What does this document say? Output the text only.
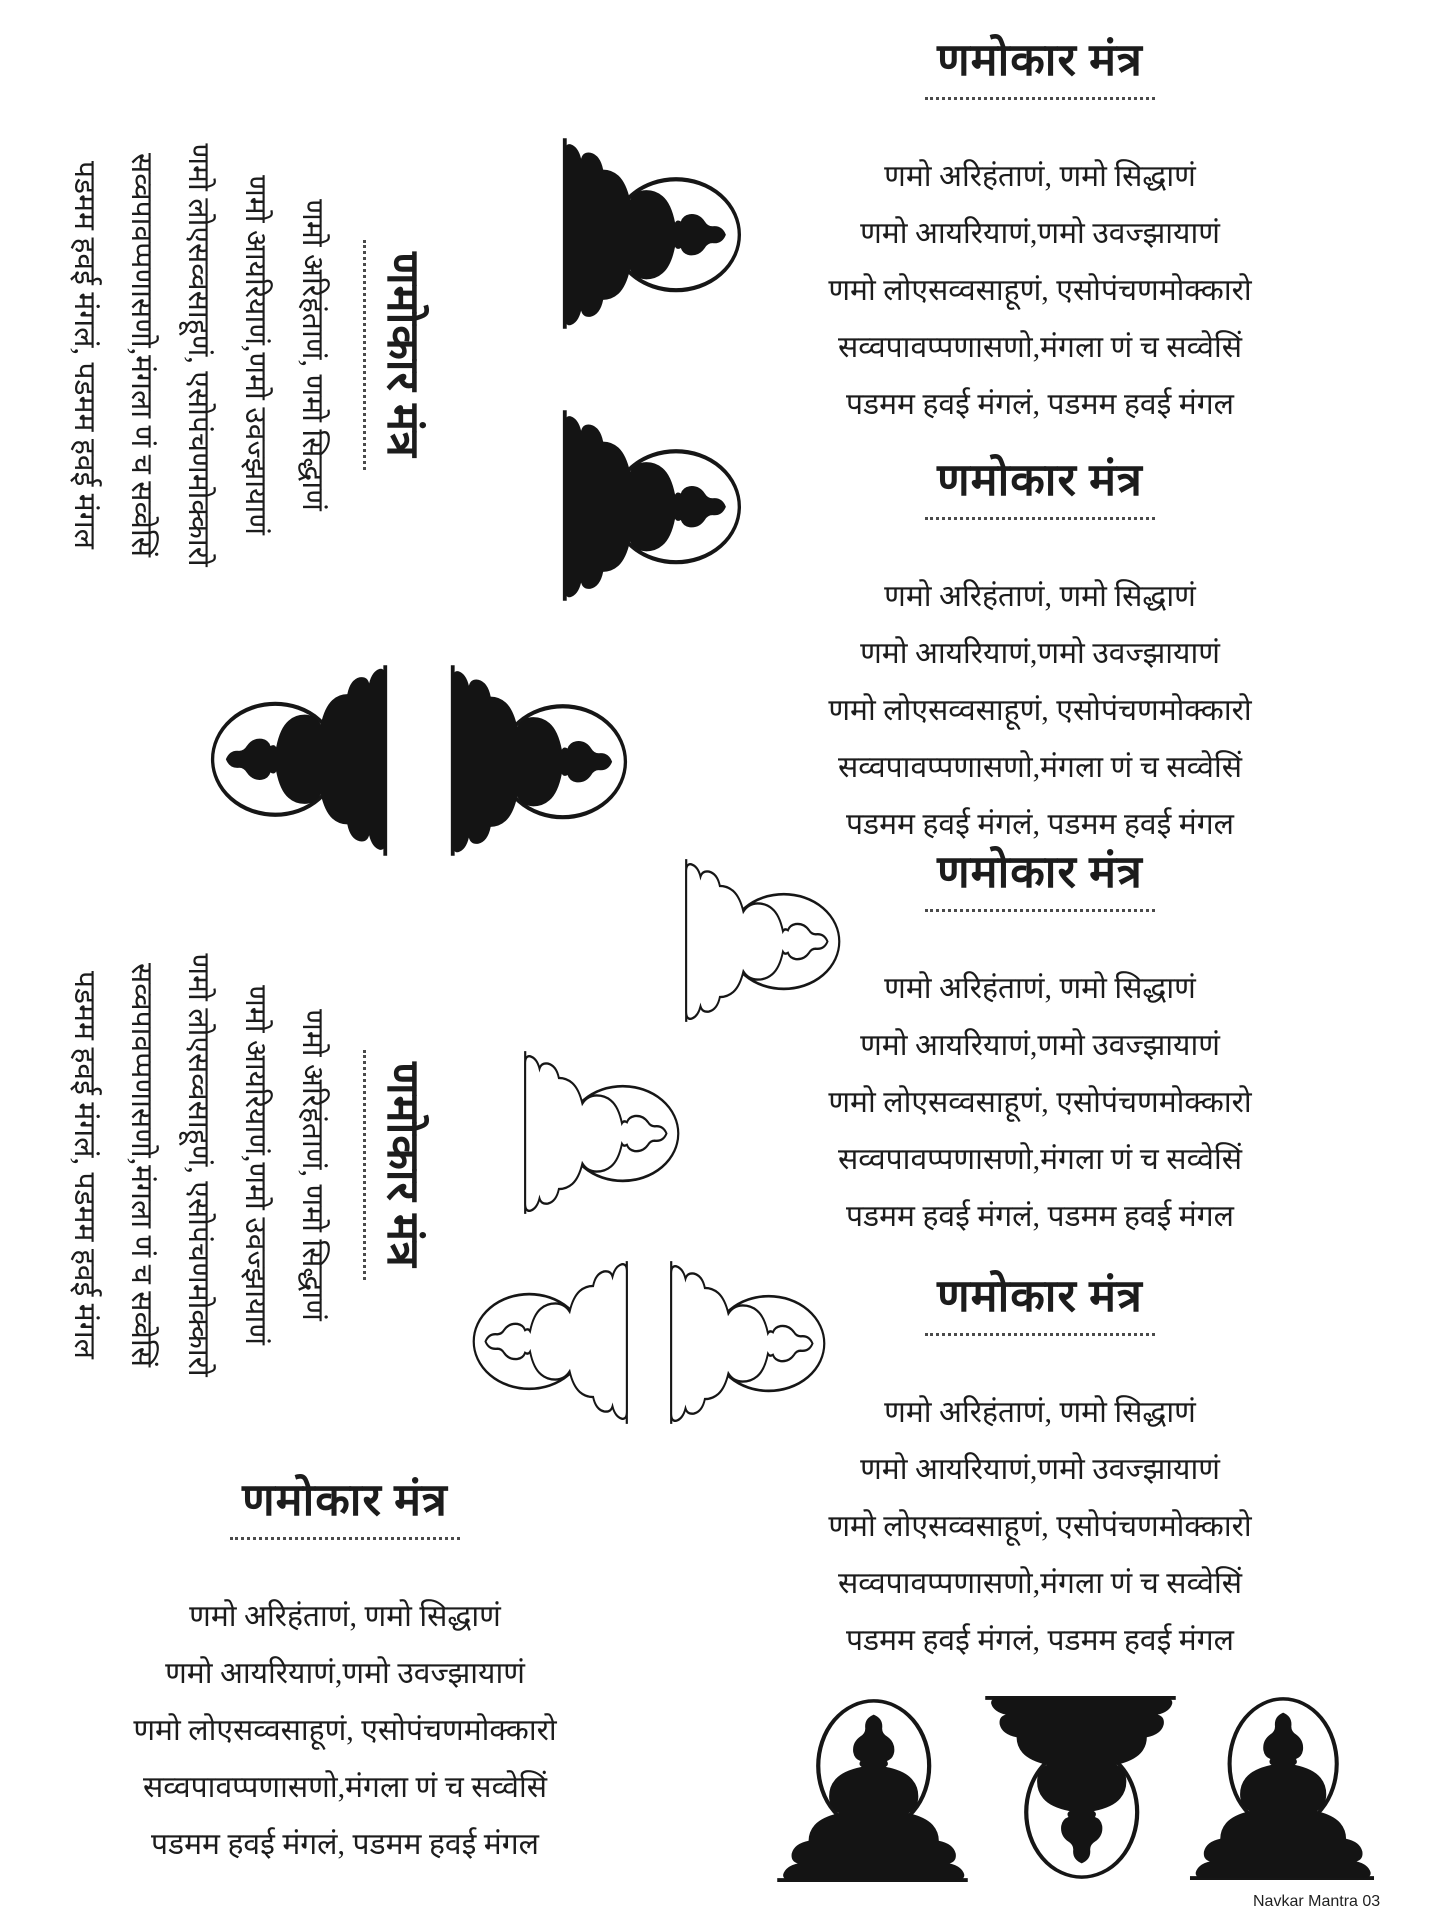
णमोकार मंत्र

णमो अरिहंताणं, णमो सिद्धाणं

णमो आयरियाणं,णमो उवज्झायाणं

णमो लोएसव्वसाहूणं, एसोपंचणमोक्कारो

सव्वपावप्पणासणो,मंगला णं च सव्वेसिं

पडमम हवई मंगलं, पडमम हवई मंगल

णमोकार मंत्र

णमो अरिहंताणं, णमो सिद्धाणं

णमो आयरियाणं,णमो उवज्झायाणं

णमो लोएसव्वसाहूणं, एसोपंचणमोक्कारो

सव्वपावप्पणासणो,मंगला णं च सव्वेसिं

पडमम हवई मंगलं, पडमम हवई मंगल

णमोकार मंत्र

णमो अरिहंताणं, णमो सिद्धाणं

णमो आयरियाणं,णमो उवज्झायाणं

णमो लोएसव्वसाहूणं, एसोपंचणमोक्कारो

सव्वपावप्पणासणो,मंगला णं च सव्वेसिं

पडमम हवई मंगलं, पडमम हवई मंगल

णमोकार मंत्र

णमो अरिहंताणं, णमो सिद्धाणं

णमो आयरियाणं,णमो उवज्झायाणं

णमो लोएसव्वसाहूणं, एसोपंचणमोक्कारो

सव्वपावप्पणासणो,मंगला णं च सव्वेसिं

पडमम हवई मंगलं, पडमम हवई मंगल

णमोकार मंत्र

णमो अरिहंताणं, णमो सिद्धाणं

णमो आयरियाणं,णमो उवज्झायाणं

णमो लोएसव्वसाहूणं, एसोपंचणमोक्कारो

सव्वपावप्पणासणो,मंगला णं च सव्वेसिं

पडमम हवई मंगलं, पडमम हवई मंगल

णमोकार मंत्र

णमो अरिहंताणं, णमो सिद्धाणं

णमो आयरियाणं,णमो उवज्झायाणं

णमो लोएसव्वसाहूणं, एसोपंचणमोक्कारो

सव्वपावप्पणासणो,मंगला णं च सव्वेसिं

पडमम हवई मंगलं, पडमम हवई मंगल

णमोकार मंत्र

णमो अरिहंताणं, णमो सिद्धाणं

णमो आयरियाणं,णमो उवज्झायाणं

णमो लोएसव्वसाहूणं, एसोपंचणमोक्कारो

सव्वपावप्पणासणो,मंगला णं च सव्वेसिं

पडमम हवई मंगलं, पडमम हवई मंगल

Navkar Mantra 03
